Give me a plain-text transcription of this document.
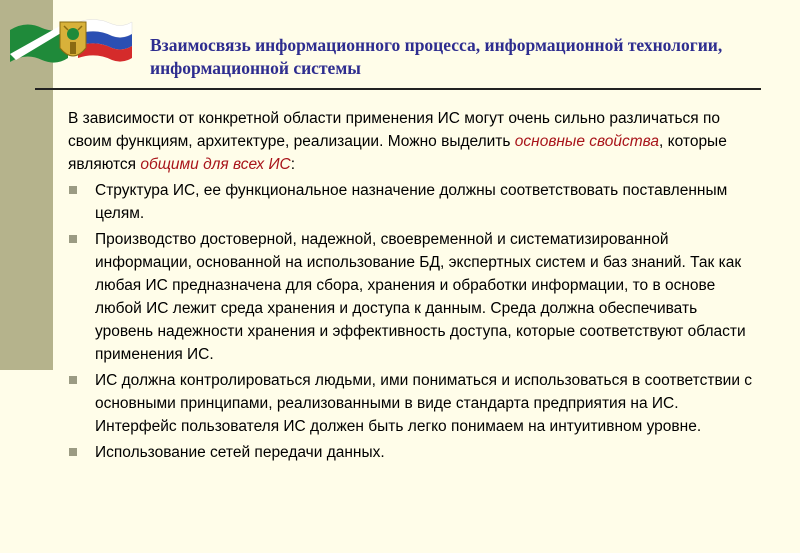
Взаимосвязь информационного процесса, информационной технологии, информационной системы

В зависимости от конкретной области применения ИС могут очень сильно различаться по своим функциям, архитектуре, реализации. Можно выделить основные свойства, которые являются общими для всех ИС:

Структура ИС, ее функциональное назначение должны соответствовать поставленным целям.
Производство достоверной, надежной, своевременной и систематизированной информации, основанной на использование БД, экспертных систем и баз знаний. Так как любая ИС предназначена для сбора, хранения и обработки информации, то в основе любой ИС лежит среда хранения и доступа к данным. Среда должна обеспечивать уровень надежности хранения и эффективность доступа, которые соответствуют области применения ИС.
ИС должна контролироваться людьми, ими пониматься и использоваться в соответствии с основными принципами, реализованными в виде стандарта предприятия на ИС. Интерфейс пользователя ИС должен быть легко понимаем на интуитивном уровне.
Использование сетей передачи данных.
